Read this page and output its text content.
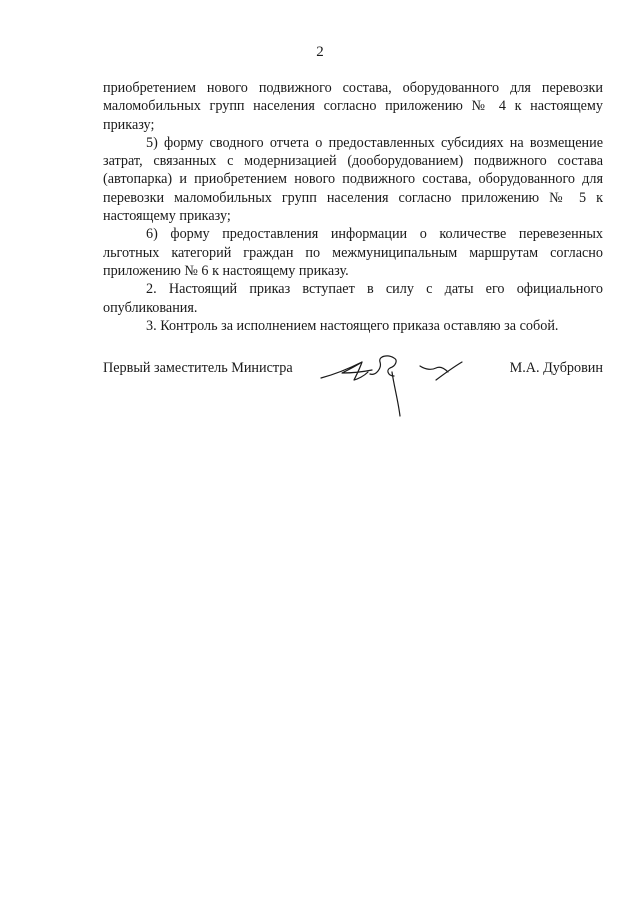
2

приобретением нового подвижного состава, оборудованного для перевозки маломобильных групп населения согласно приложению № 4 к настоящему приказу;

5) форму сводного отчета о предоставленных субсидиях на возмещение затрат, связанных с модернизацией (дооборудованием) подвижного состава (автопарка) и приобретением нового подвижного состава, оборудованного для перевозки маломобильных групп населения согласно приложению № 5 к настоящему приказу;

6) форму предоставления информации о количестве перевезенных льготных категорий граждан по межмуниципальным маршрутам согласно приложению № 6 к настоящему приказу.

2. Настоящий приказ вступает в силу с даты его официального опубликования.

3. Контроль за исполнением настоящего приказа оставляю за собой.

Первый заместитель Министра	М.А. Дубровин
